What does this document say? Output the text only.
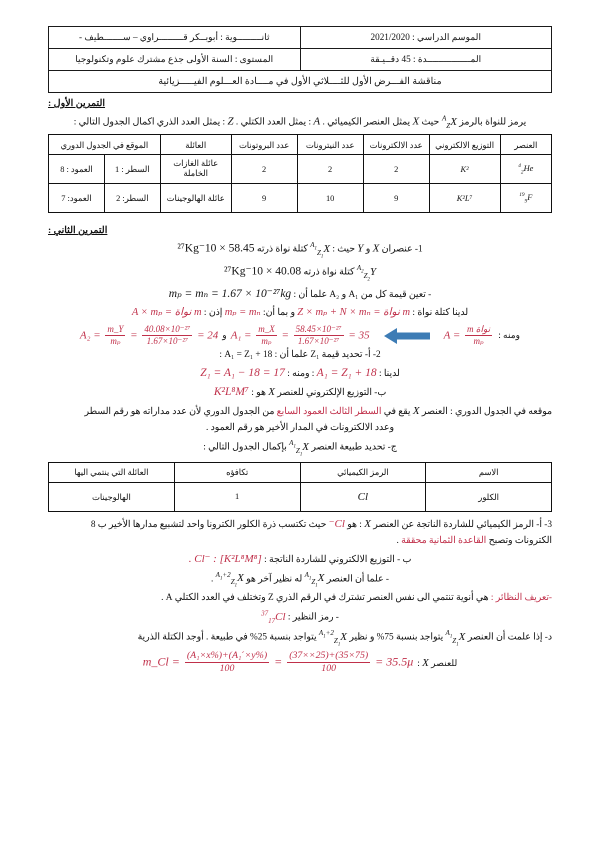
الموسم الدراسي : 2021/2020	ثانـــــــــوية : أبوبــكر قـــــــــراوي – ســـــــطيف -
المــــــــــــــــدة : 45 دقــيـقة	المستوى : السنة الأولى جذع مشترك علوم وتكنولوجيا
مناقشة الفـــرض الأول للثــــلاثي الأول في مــــادة العـــلوم الفيـــــزيائية	
التمرين الأول :
يرمز للنواة بالرمز $^A_Z$X حيث X يمثل العنصر الكيميائي . A : يمثل العدد الكتلي . Z : يمثل العدد الذري اكمال الجدول التالي :
العنصر	التوزيع الالكتروني	عدد الالكترونات	عدد النيترونات	عدد البروتونات	العائلة	الموقع في الجدول الدوري	
$^4_2$He	K²	2	2	2	عائلة الغازات الخاملة	السطر : 1	العمود : 8
$^{19}_9$F	K²L⁷	9	10	9	عائلة الهالوجينات	السطر: 2	العمود: 7
التمرين الثاني :
1- عنصران X و Y حيث : $^{A_1}_{Z_1}$X كتلة نواة ذرته 58.45 × 10⁻²⁷Kg
$^{A_2}_{Z_2}$Y كتلة نواة ذرته 40.08 × 10⁻²⁷Kg
- تعين قيمة كل من A₁ و A₂ علما أن : mₚ = mₙ = 1.67 × 10⁻²⁷kg
لدينا كتلة نواة : m نواة = Z × mₚ + N × mₙ و بما أن: mₚ = mₙ إذن : m نواة = A × mₚ
ومنه :
$A = \frac{\text{m نواة}}{\text{mₚ}}$
$A_1 = \frac{m\_X}{\text{mₚ}} = \frac{\text{58.45×10⁻²⁷}}{\text{1.67×10⁻²⁷}} = 35$
و
$A_2 = \frac{m\_Y}{\text{mₚ}} = \frac{\text{40.08×10⁻²⁷}}{\text{1.67×10⁻²⁷}} = 24$
2- أ- تحديد قيمة Z₁ علما أن : A₁ = Z₁ + 18 :
لدينا : A₁ = Z₁ + 18 : ومنه : Z₁ = A₁ − 18 = 17
ب- التوزيع الإلكتروني للعنصر X هو : K²L⁸M⁷
موقعه في الجدول الدوري : العنصر X يقع في السطر الثالث العمود السابع من الجدول الدوري لأن عدد مداراته هو رقم السطر
وعدد الالكترونات في المدار الأخير هو رقم العمود .
ج- تحديد طبيعة العنصر $^{A_1}_{Z_1}$X بإكمال الجدول التالي :
الاسم	الرمز الكيميائي	تكافؤه	العائلة التي ينتمي اليها
الكلور	Cl	1	الهالوجينات
3- أ- الرمز الكيميائي للشاردة الناتجة عن العنصر X : هو Cl⁻ حيث تكتسب ذرة الكلور الكترونا واحد لتشبيع مدارها الأخير ب 8
الكترونات وتصبح القاعدة الثمانية محققة .
ب - التوزيع الالكتروني للشاردة الناتجة : Cl⁻ : [K²L⁸M⁸] .
- علما أن العنصر $^{A_1}_{Z_1}$X له نظير آخر هو $^{A_1+2}_{Z_1}$X .
-تعريف النظائر : هي أنوية تنتمي الى نفس العنصر تشترك في الرقم الذري Z وتختلف في العدد الكتلي A .
- رمز النظير : $^{37}_{17}$Cl
د- إذا علمت أن العنصر $^{A_1}_{Z_1}$X يتواجد بنسبة 75% و نظير $^{A_1+2}_{Z_1}$X يتواجد بنسبة 25% في طبيعة . أوجد الكتلة الذرية
للعنصر X :
m_Cl = $\frac{\text{(A₁×x\%)+(A₁ˊ×y\%)}}{100} = \frac{(37\times\times 25)+(35\times 75)}{100} = 35.5\mu$
